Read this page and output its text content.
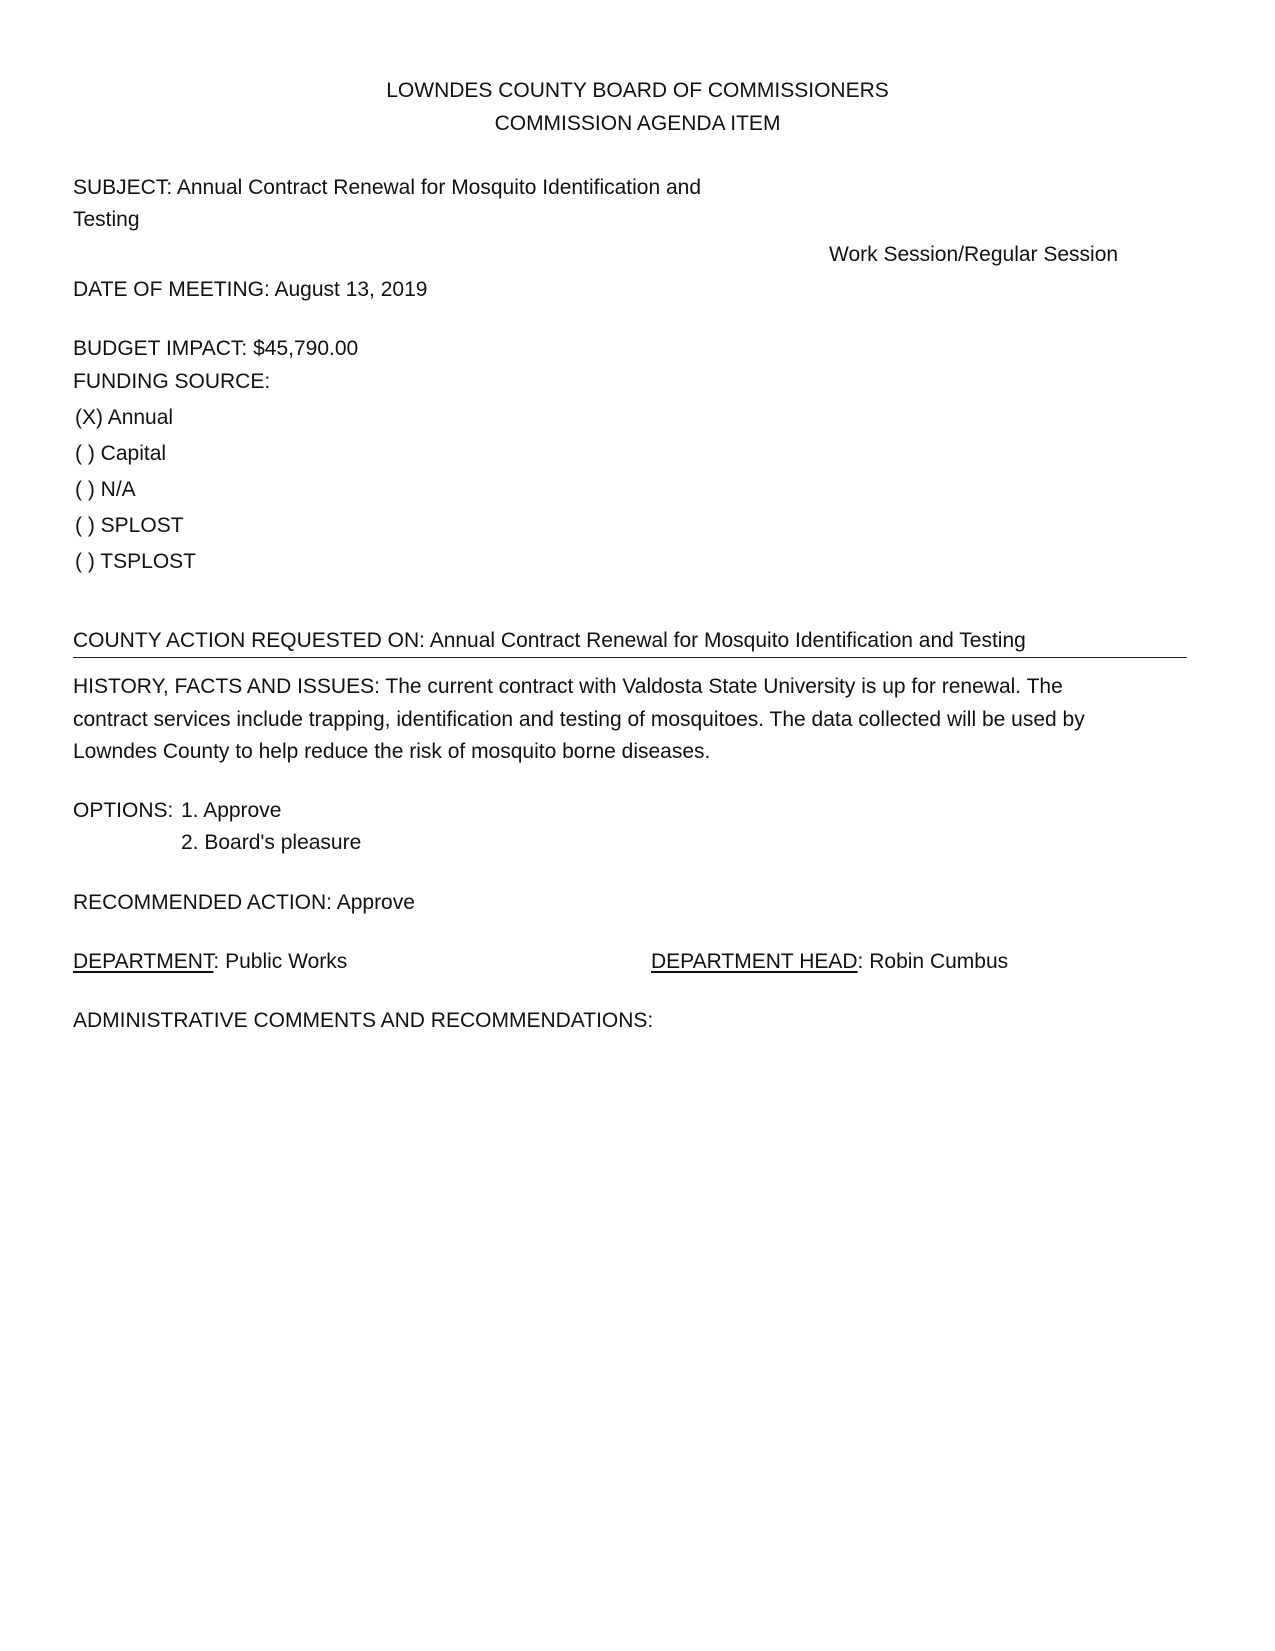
LOWNDES COUNTY BOARD OF COMMISSIONERS
COMMISSION AGENDA ITEM
SUBJECT: Annual Contract Renewal for Mosquito Identification and
Testing
Work Session/Regular Session
DATE OF MEETING: August 13, 2019
BUDGET IMPACT: $45,790.00
FUNDING SOURCE:
(X) Annual
( ) Capital
( ) N/A
( ) SPLOST
( ) TSPLOST
COUNTY ACTION REQUESTED ON: Annual Contract Renewal for Mosquito Identification and Testing
HISTORY, FACTS AND ISSUES: The current contract with Valdosta State University is up for renewal. The
contract services include trapping, identification and testing of mosquitoes. The data collected will be used by
Lowndes County to help reduce the risk of mosquito borne diseases.
OPTIONS: 1. Approve
2. Board's pleasure
RECOMMENDED ACTION: Approve
DEPARTMENT: Public Works	DEPARTMENT HEAD: Robin Cumbus
ADMINISTRATIVE COMMENTS AND RECOMMENDATIONS:
